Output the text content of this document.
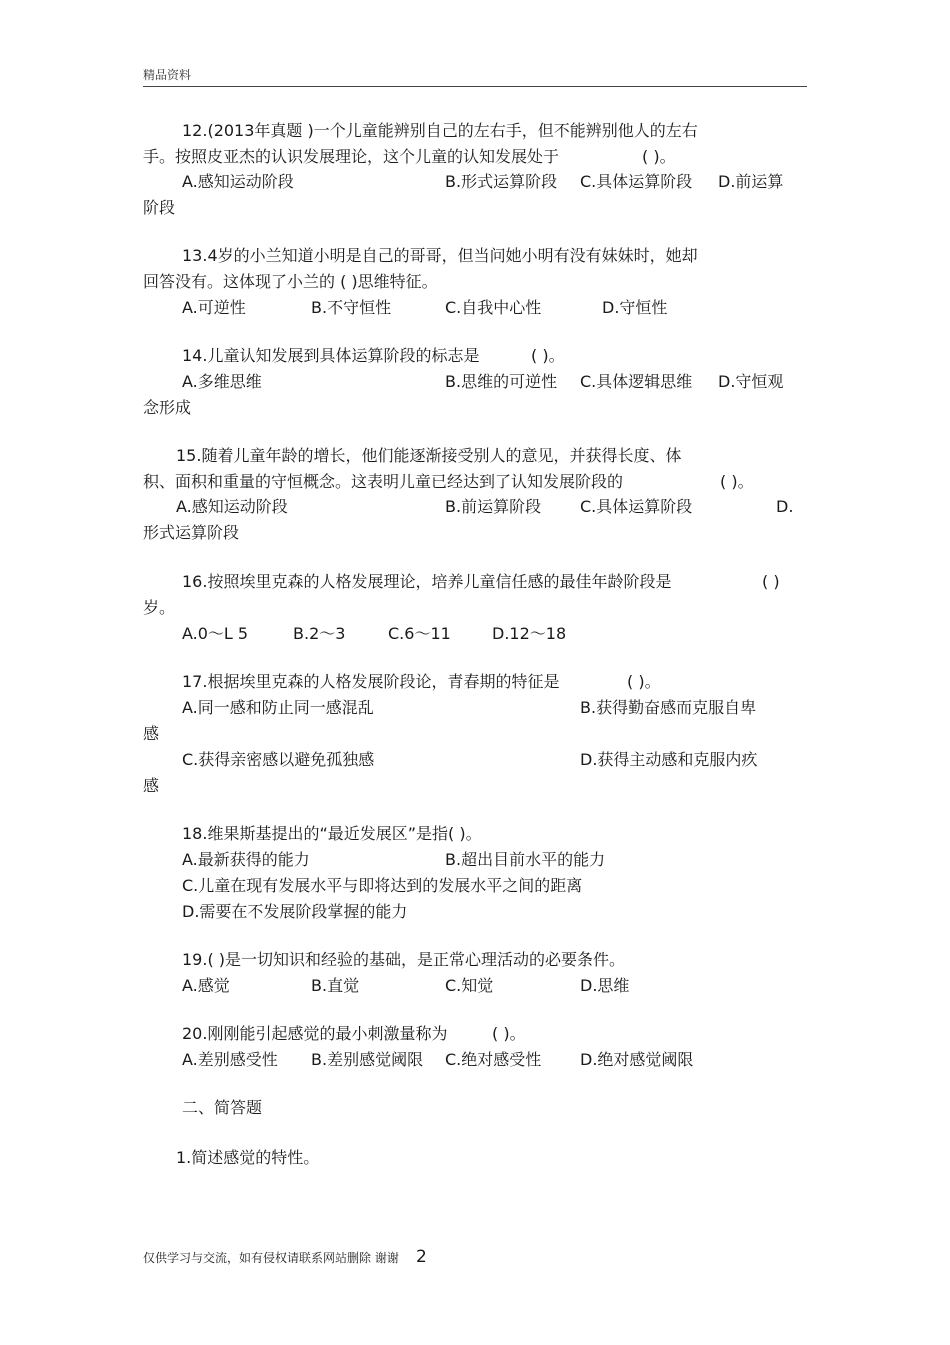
精品资料
12.(2013年真题 )一个儿童能辨别自己的左右手，但不能辨别他人的左右
手。按照皮亚杰的认识发展理论，这个儿童的认知发展处于	( )。
A.感知运动阶段	B.形式运算阶段 C.具体运算阶段 D.前运算
阶段
13.4岁的小兰知道小明是自己的哥哥，但当问她小明有没有妹妹时，她却
回答没有。这体现了小兰的 ( )思维特征。
A.可逆性	B.不守恒性	C.自我中心性	D.守恒性
14.儿童认知发展到具体运算阶段的标志是	( )。
A.多维思维	B.思维的可逆性 C.具体逻辑思维 D.守恒观
念形成
15.随着儿童年龄的增长，他们能逐渐接受别人的意见，并获得长度、体
积、面积和重量的守恒概念。这表明儿童已经达到了认知发展阶段的	( )。
A.感知运动阶段	B.前运算阶段 C.具体运算阶段	D.
形式运算阶段
16.按照埃里克森的人格发展理论，培养儿童信任感的最佳年龄阶段是	( )
岁。
A.0～L 5	B.2～3	C.6～11	D.12～18
17.根据埃里克森的人格发展阶段论，青春期的特征是	( )。
A.同一感和防止同一感混乱	B.获得勤奋感而克服自卑
感
C.获得亲密感以避免孤独感	D.获得主动感和克服内疚
感
18.维果斯基提出的“最近发展区”是指( )。
A.最新获得的能力	B.超出目前水平的能力
C.儿童在现有发展水平与即将达到的发展水平之间的距离
D.需要在不发展阶段掌握的能力
19.( )是一切知识和经验的基础，是正常心理活动的必要条件。
A.感觉	B.直觉	C.知觉	D.思维
20.刚刚能引起感觉的最小刺激量称为	( )。
A.差别感受性 B.差别感觉阈限 C.绝对感受性 D.绝对感觉阈限
二、简答题
1.简述感觉的特性。
仅供学习与交流，如有侵权请联系网站删除 谢谢 2
